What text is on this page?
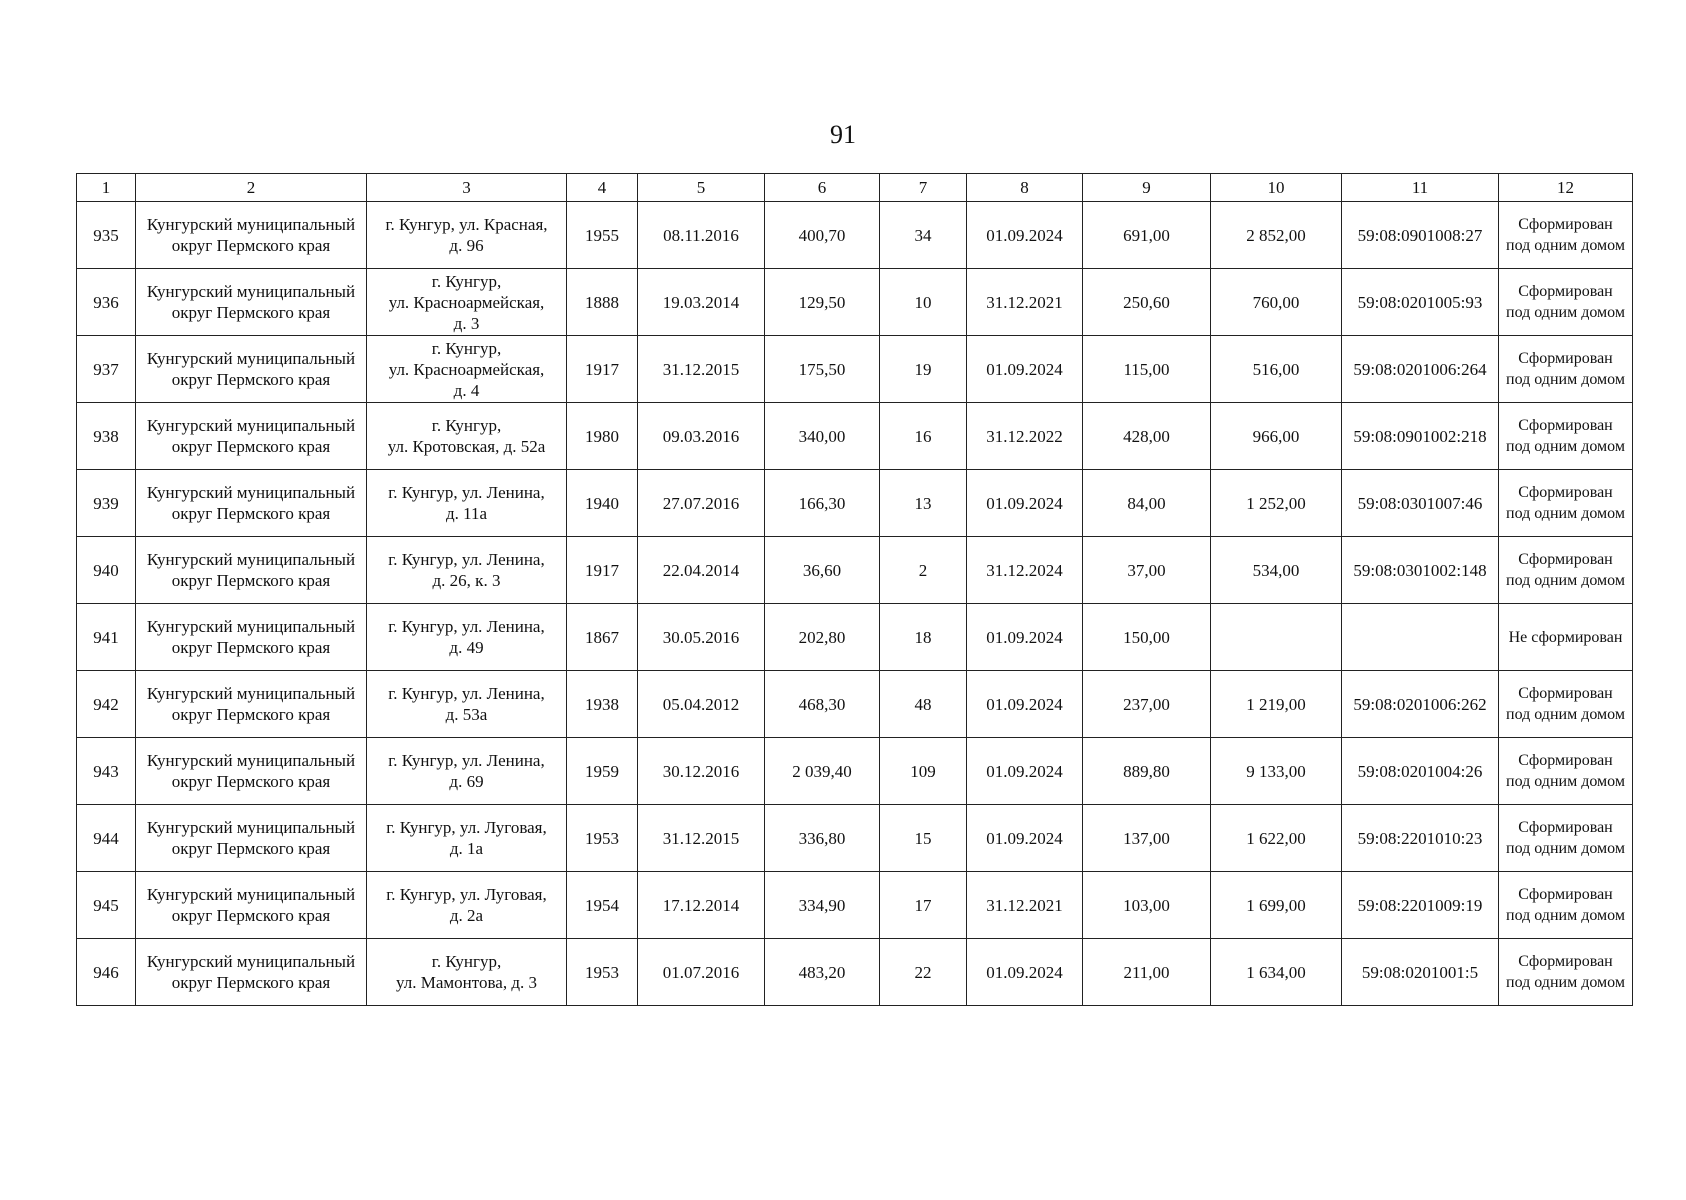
91
1	2	3	4	5	6	7	8	9	10	11	12
935	Кунгурский муниципальный округ Пермского края	г. Кунгур, ул. Красная,
д. 96	1955	08.11.2016	400,70	34	01.09.2024	691,00	2 852,00	59:08:0901008:27	Сформирован
под одним домом
936	Кунгурский муниципальный округ Пермского края	г. Кунгур,
ул. Красноармейская,
д. 3	1888	19.03.2014	129,50	10	31.12.2021	250,60	760,00	59:08:0201005:93	Сформирован
под одним домом
937	Кунгурский муниципальный округ Пермского края	г. Кунгур,
ул. Красноармейская,
д. 4	1917	31.12.2015	175,50	19	01.09.2024	115,00	516,00	59:08:0201006:264	Сформирован
под одним домом
938	Кунгурский муниципальный округ Пермского края	г. Кунгур,
ул. Кротовская, д. 52а	1980	09.03.2016	340,00	16	31.12.2022	428,00	966,00	59:08:0901002:218	Сформирован
под одним домом
939	Кунгурский муниципальный округ Пермского края	г. Кунгур, ул. Ленина,
д. 11а	1940	27.07.2016	166,30	13	01.09.2024	84,00	1 252,00	59:08:0301007:46	Сформирован
под одним домом
940	Кунгурский муниципальный округ Пермского края	г. Кунгур, ул. Ленина,
д. 26, к. 3	1917	22.04.2014	36,60	2	31.12.2024	37,00	534,00	59:08:0301002:148	Сформирован
под одним домом
941	Кунгурский муниципальный округ Пермского края	г. Кунгур, ул. Ленина,
д. 49	1867	30.05.2016	202,80	18	01.09.2024	150,00			Не сформирован
942	Кунгурский муниципальный округ Пермского края	г. Кунгур, ул. Ленина,
д. 53а	1938	05.04.2012	468,30	48	01.09.2024	237,00	1 219,00	59:08:0201006:262	Сформирован
под одним домом
943	Кунгурский муниципальный округ Пермского края	г. Кунгур, ул. Ленина,
д. 69	1959	30.12.2016	2 039,40	109	01.09.2024	889,80	9 133,00	59:08:0201004:26	Сформирован
под одним домом
944	Кунгурский муниципальный округ Пермского края	г. Кунгур, ул. Луговая,
д. 1а	1953	31.12.2015	336,80	15	01.09.2024	137,00	1 622,00	59:08:2201010:23	Сформирован
под одним домом
945	Кунгурский муниципальный округ Пермского края	г. Кунгур, ул. Луговая,
д. 2а	1954	17.12.2014	334,90	17	31.12.2021	103,00	1 699,00	59:08:2201009:19	Сформирован
под одним домом
946	Кунгурский муниципальный округ Пермского края	г. Кунгур,
ул. Мамонтова, д. 3	1953	01.07.2016	483,20	22	01.09.2024	211,00	1 634,00	59:08:0201001:5	Сформирован
под одним домом
